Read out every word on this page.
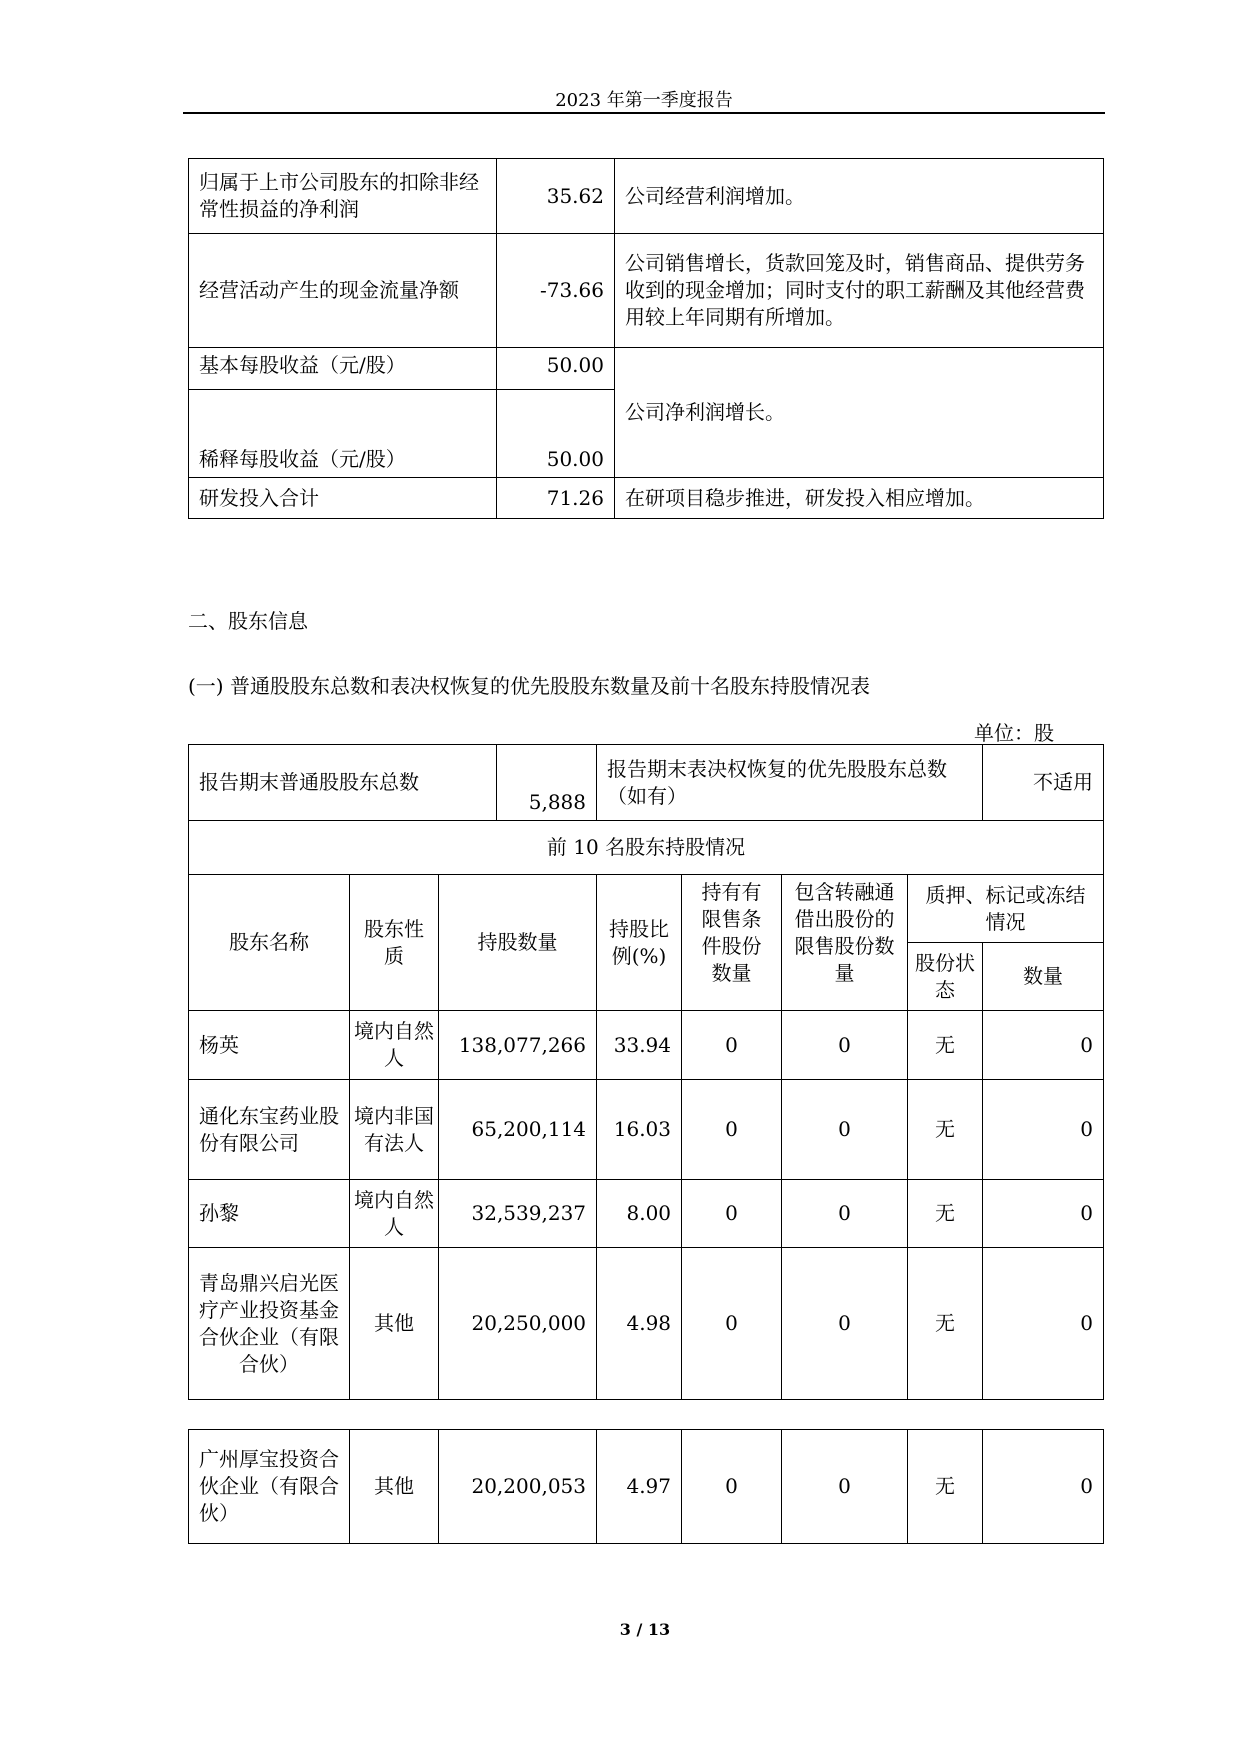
2023 年第一季度报告
归属于上市公司股东的扣除非经常性损益的净利润	35.62	公司经营利润增加。
经营活动产生的现金流量净额	-73.66	公司销售增长，货款回笼及时，销售商品、提供劳务收到的现金增加；同时支付的职工薪酬及其他经营费用较上年同期有所增加。
基本每股收益（元/股）	50.00	公司净利润增长。
稀释每股收益（元/股）	50.00	
研发投入合计	71.26	在研项目稳步推进，研发投入相应增加。
二、股东信息
(一) 普通股股东总数和表决权恢复的优先股股东数量及前十名股东持股情况表
单位：股
报告期末普通股股东总数			5,888	报告期末表决权恢复的优先股股东总数（如有）				不适用
前 10 名股东持股情况								
股东名称	股东性质	持股数量		持股比例(%)	持有有限售条件股份数量	包含转融通借出股份的限售股份数量	质押、标记或冻结情况	
							股份状态	数量
杨英	境内自然人	138,077,266		33.94	0	0	无	0
通化东宝药业股份有限公司	境内非国有法人	65,200,114		16.03	0	0	无	0
孙黎	境内自然人	32,539,237		8.00	0	0	无	0
青岛鼎兴启光医疗产业投资基金合伙企业（有限合伙）	其他	20,250,000		4.98	0	0	无	0
广州厚宝投资合伙企业（有限合伙）	其他	20,200,053	4.97	0	0	无	0
3 / 13
